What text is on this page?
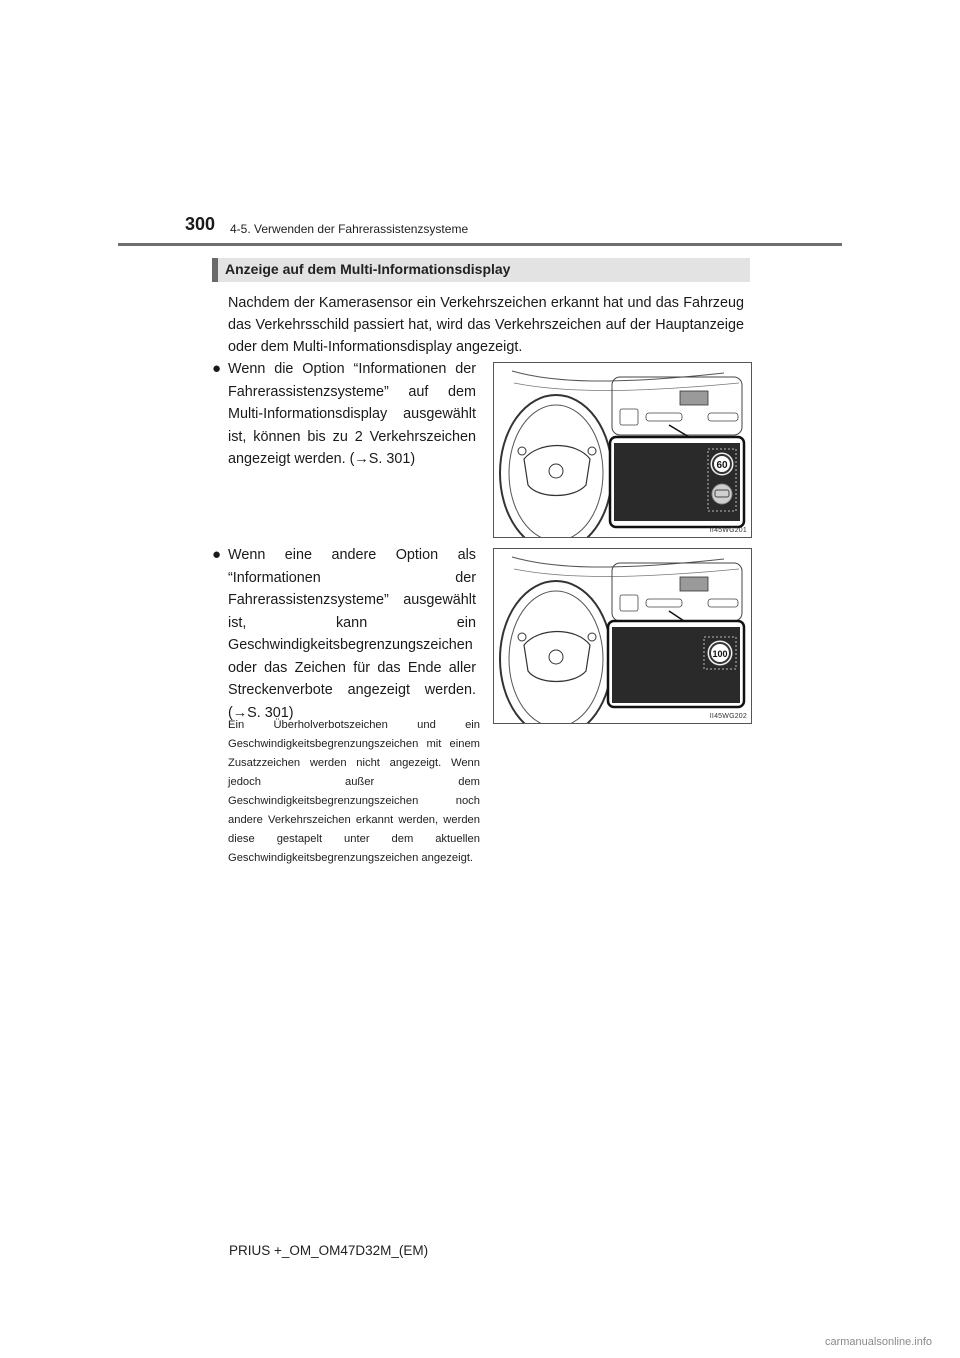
300 4-5. Verwenden der Fahrerassistenzsysteme
Anzeige auf dem Multi-Informationsdisplay
Nachdem der Kamerasensor ein Verkehrszeichen erkannt hat und das Fahrzeug das Verkehrsschild passiert hat, wird das Verkehrszeichen auf der Hauptanzeige oder dem Multi-Informationsdisplay angezeigt.
● Wenn die Option “Informationen der Fahrerassistenzsysteme” auf dem Multi-Informationsdisplay ausgewählt ist, können bis zu 2 Verkehrszeichen angezeigt werden. (→S. 301)
● Wenn eine andere Option als “Informationen der Fahrerassistenzsysteme” ausgewählt ist, kann ein Geschwindigkeitsbegrenzungszeichen oder das Zeichen für das Ende aller Streckenverbote angezeigt werden. (→S. 301)
Ein Überholverbotszeichen und ein Geschwindigkeitsbegrenzungszeichen mit einem Zusatzzeichen werden nicht angezeigt. Wenn jedoch außer dem Geschwindigkeitsbegrenzungszeichen noch andere Verkehrszeichen erkannt werden, werden diese gestapelt unter dem aktuellen Geschwindigkeitsbegrenzungszeichen angezeigt.
60
II45WG201
100
II45WG202
PRIUS +_OM_OM47D32M_(EM)
carmanualsonline.info
